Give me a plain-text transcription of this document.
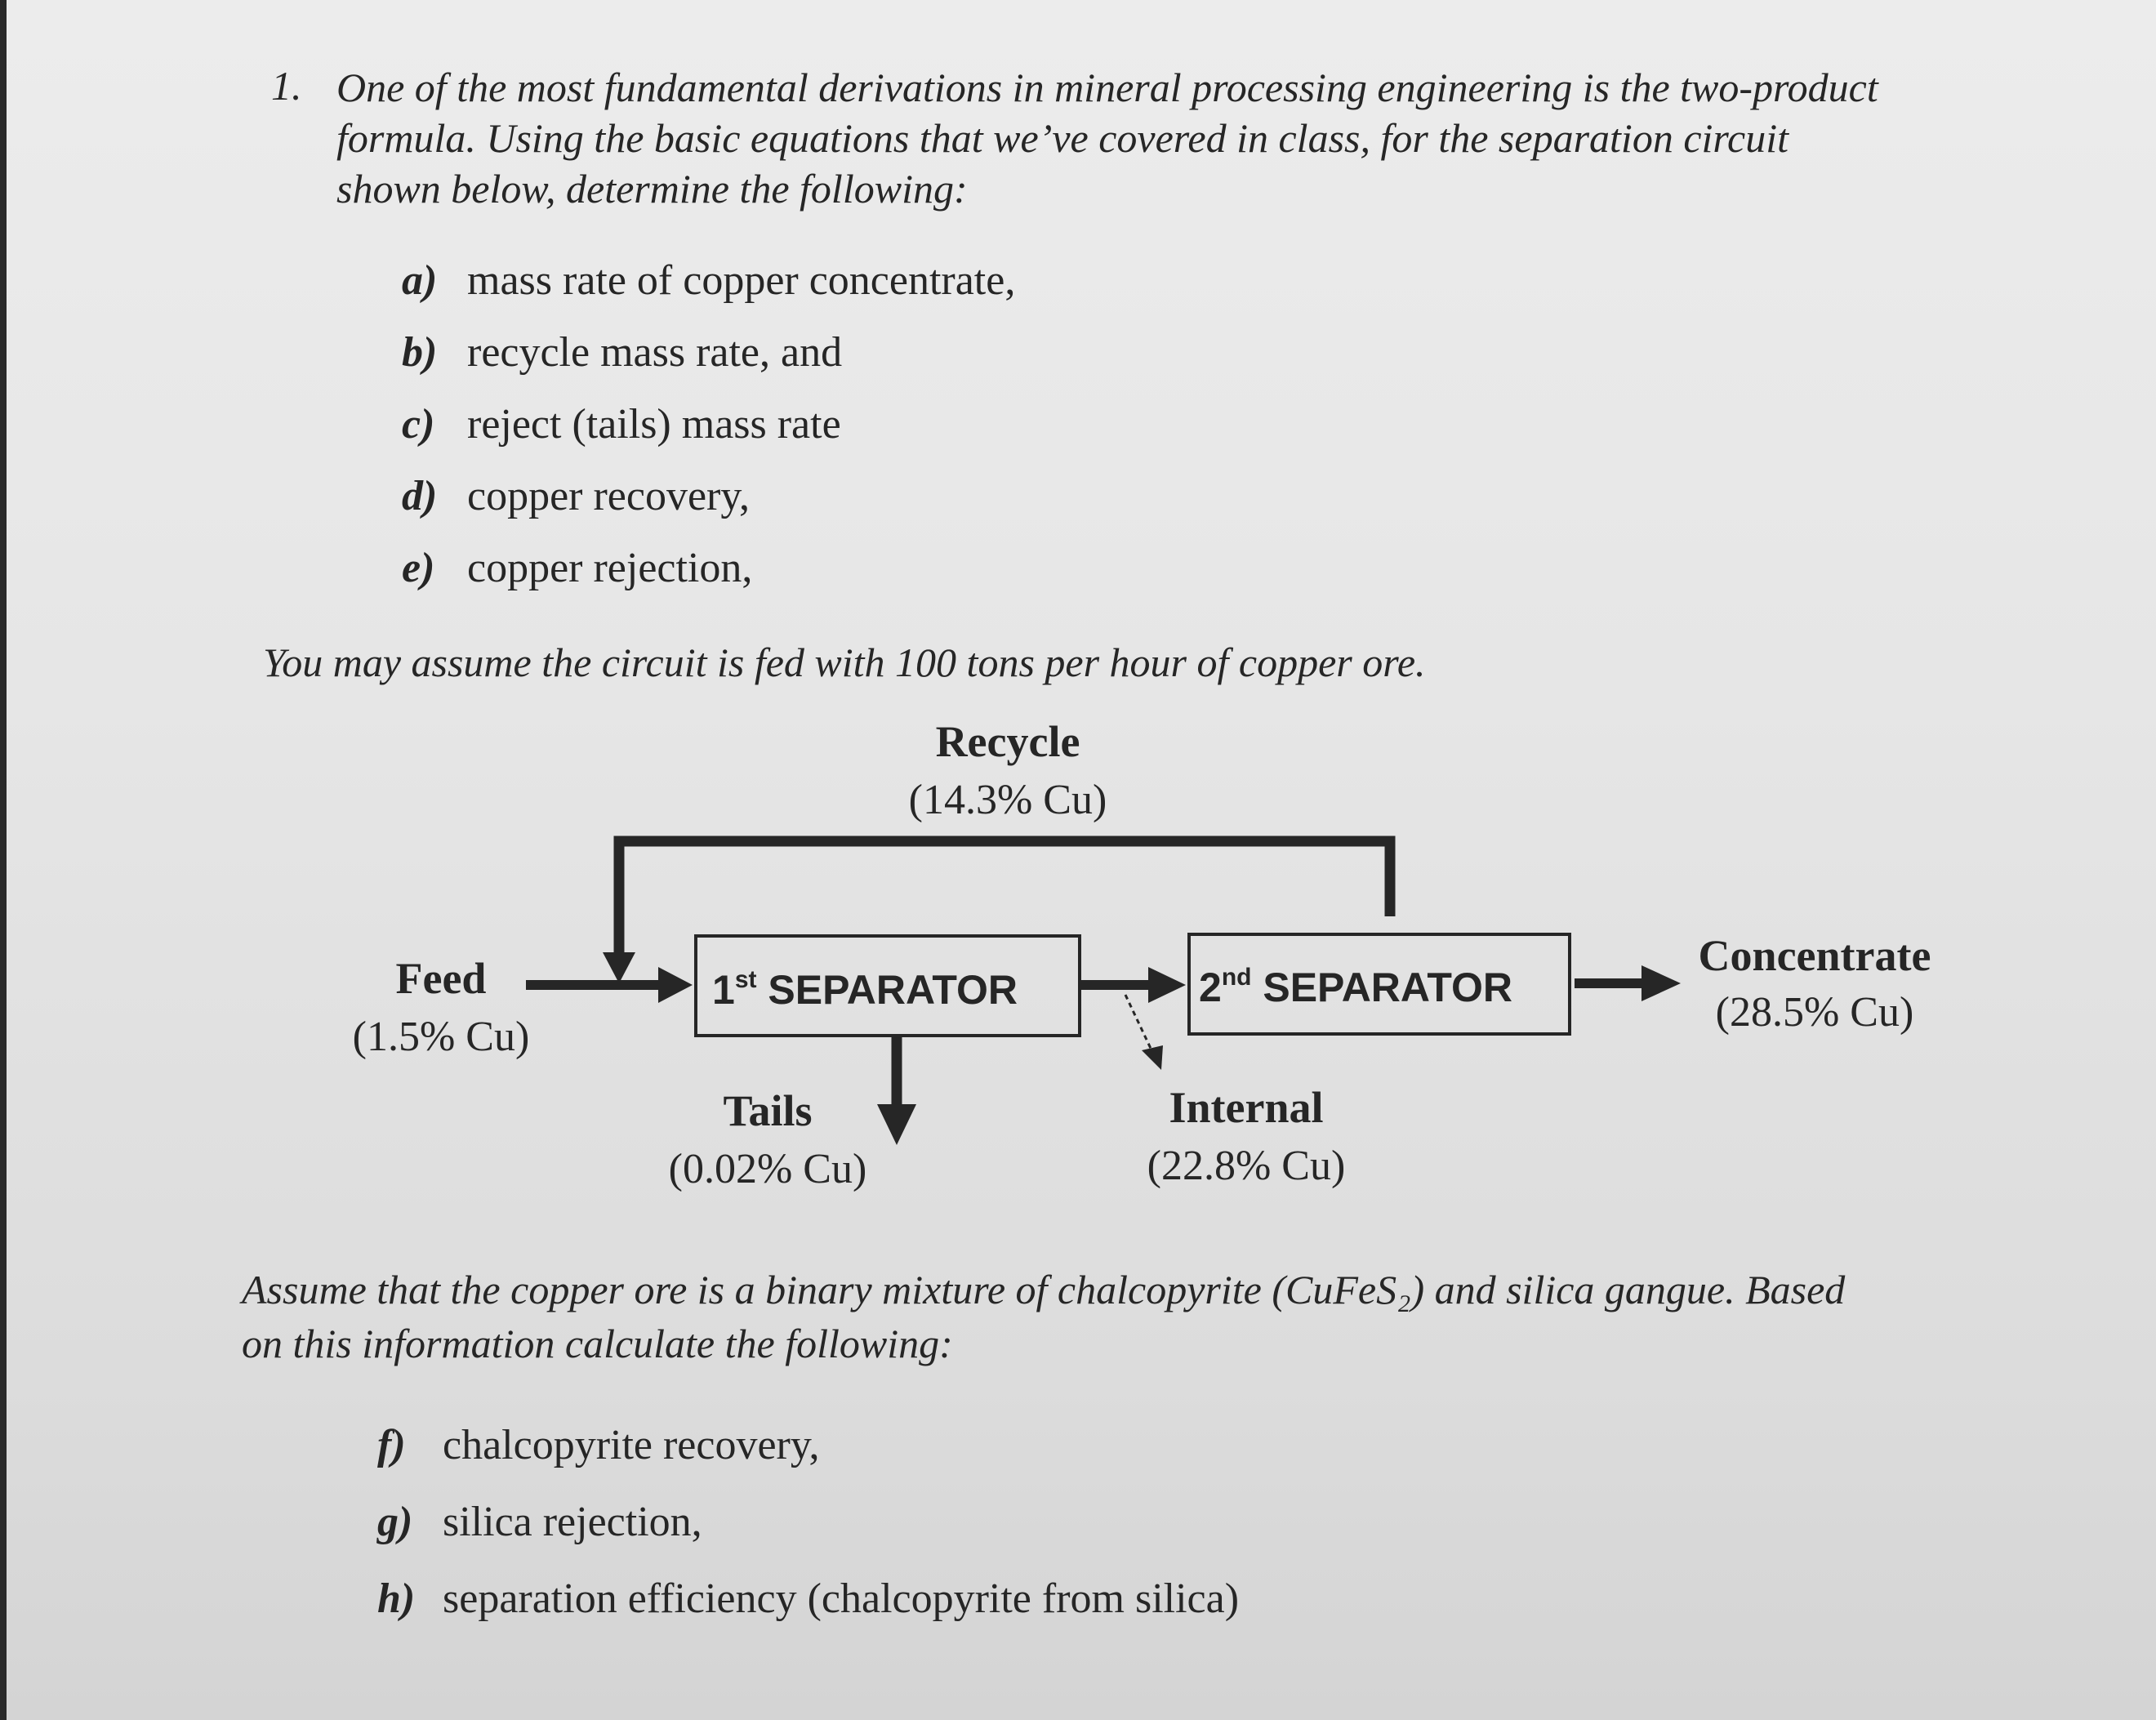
1. One of the most fundamental derivations in mineral processing engineering is the two-product
formula. Using the basic equations that we’ve covered in class, for the separation circuit
shown below, determine the following:
a) mass rate of copper concentrate,
b) recycle mass rate, and
c) reject (tails) mass rate
d) copper recovery,
e) copper rejection,
You may assume the circuit is fed with 100 tons per hour of copper ore.
Recycle
(14.3% Cu)
Feed
(1.5% Cu)
1st SEPARATOR	2nd SEPARATOR
Concentrate
(28.5% Cu)
Tails
(0.02% Cu)
Internal
(22.8% Cu)
Assume that the copper ore is a binary mixture of chalcopyrite (CuFeS₂) and silica gangue. Based
on this information calculate the following:
f) chalcopyrite recovery,
g) silica rejection,
h) separation efficiency (chalcopyrite from silica)
